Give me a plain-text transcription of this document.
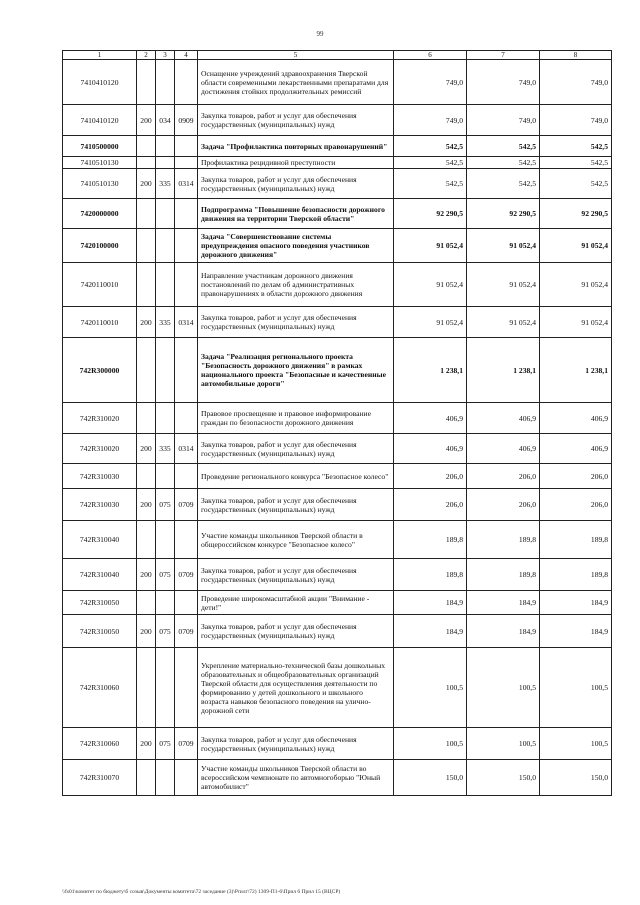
99
1	2	3	4	5	6	7	8
7410410120				Оснащение учреждений здравоохранения Тверской области современными лекарственными препаратами для достижения стойких продолжительных ремиссий	749,0	749,0	749,0
7410410120	200	034	0909	Закупка товаров, работ и услуг для обеспечения государственных (муниципальных) нужд	749,0	749,0	749,0
7410500000				Задача "Профилактика повторных правонарушений"	542,5	542,5	542,5
7410510130				Профилактика рецидивной преступности	542,5	542,5	542,5
7410510130	200	335	0314	Закупка товаров, работ и услуг для обеспечения государственных (муниципальных) нужд	542,5	542,5	542,5
7420000000				Подпрограмма "Повышение безопасности дорожного движения на территории Тверской области"	92 290,5	92 290,5	92 290,5
7420100000				Задача "Совершенствование системы предупреждения опасного поведения участников дорожного движения"	91 052,4	91 052,4	91 052,4
7420110010				Направление участникам дорожного движения постановлений по делам об административных правонарушениях в области дорожного движения	91 052,4	91 052,4	91 052,4
7420110010	200	335	0314	Закупка товаров, работ и услуг для обеспечения государственных (муниципальных) нужд	91 052,4	91 052,4	91 052,4
742R300000				Задача "Реализация регионального проекта "Безопасность дорожного движения" в рамках национального проекта "Безопасные и качественные автомобильные дороги"	1 238,1	1 238,1	1 238,1
742R310020				Правовое просвещение и правовое информирование граждан по безопасности дорожного движения	406,9	406,9	406,9
742R310020	200	335	0314	Закупка товаров, работ и услуг для обеспечения государственных (муниципальных) нужд	406,9	406,9	406,9
742R310030				Проведение регионального конкурса "Безопасное колесо"	206,0	206,0	206,0
742R310030	200	075	0709	Закупка товаров, работ и услуг для обеспечения государственных (муниципальных) нужд	206,0	206,0	206,0
742R310040				Участие команды школьников Тверской области в общероссийском конкурсе "Безопасное колесо"	189,8	189,8	189,8
742R310040	200	075	0709	Закупка товаров, работ и услуг для обеспечения государственных (муниципальных) нужд	189,8	189,8	189,8
742R310050				Проведение широкомасштабной акции "Внимание - дети!"	184,9	184,9	184,9
742R310050	200	075	0709	Закупка товаров, работ и услуг для обеспечения государственных (муниципальных) нужд	184,9	184,9	184,9
742R310060				Укрепление материально-технической базы дошкольных образовательных и общеобразовательных организаций Тверской области для осуществления деятельности по формированию у детей дошкольного и школьного возраста навыков безопасного поведения на улично-дорожной сети	100,5	100,5	100,5
742R310060	200	075	0709	Закупка товаров, работ и услуг для обеспечения государственных (муниципальных) нужд	100,5	100,5	100,5
742R310070				Участие команды школьников Тверской области во всероссийском чемпионате по автомногоборью "Юный автомобилист"	150,0	150,0	150,0
\\fs01\комитет по бюджету\б созыв\Документы комитета\72 заседание (3)\Prилг\72) 1309-П1-6\Прил 6 Прил 15 (ВЦСР)
